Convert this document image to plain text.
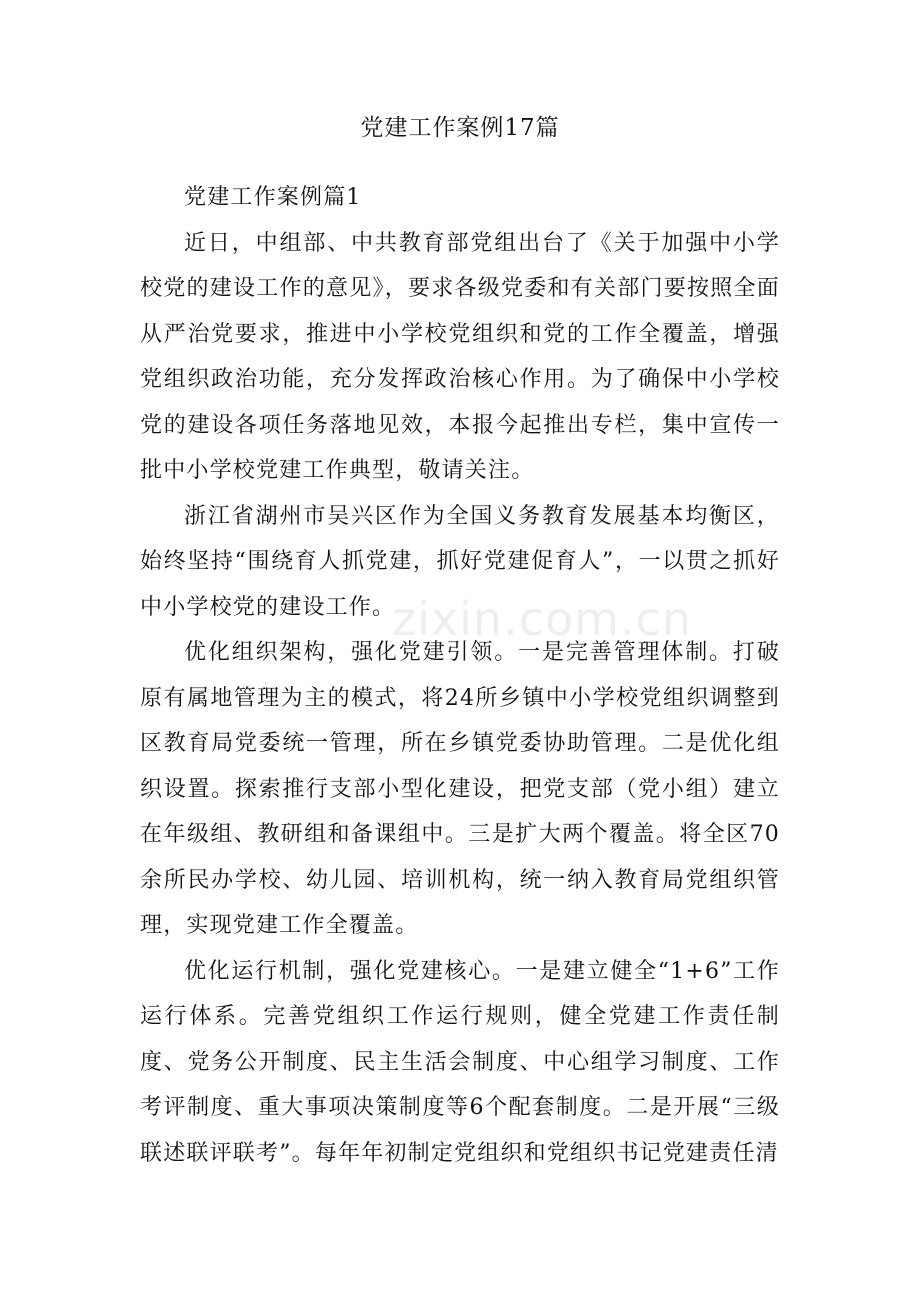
党建工作案例17篇

党建工作案例篇1

近日，中组部、中共教育部党组出台了《关于加强中小学校党的建设工作的意见》，要求各级党委和有关部门要按照全面从严治党要求，推进中小学校党组织和党的工作全覆盖，增强党组织政治功能，充分发挥政治核心作用。为了确保中小学校党的建设各项任务落地见效，本报今起推出专栏，集中宣传一批中小学校党建工作典型，敬请关注。

浙江省湖州市吴兴区作为全国义务教育发展基本均衡区，始终坚持“围绕育人抓党建，抓好党建促育人”，一以贯之抓好中小学校党的建设工作。

优化组织架构，强化党建引领。一是完善管理体制。打破原有属地管理为主的模式，将24所乡镇中小学校党组织调整到区教育局党委统一管理，所在乡镇党委协助管理。二是优化组织设置。探索推行支部小型化建设，把党支部（党小组）建立在年级组、教研组和备课组中。三是扩大两个覆盖。将全区70余所民办学校、幼儿园、培训机构，统一纳入教育局党组织管理，实现党建工作全覆盖。

优化运行机制，强化党建核心。一是建立健全“1+6”工作运行体系。完善党组织工作运行规则，健全党建工作责任制度、党务公开制度、民主生活会制度、中心组学习制度、工作考评制度、重大事项决策制度等6个配套制度。二是开展“三级联述联评联考”。每年年初制定党组织和党组织书记党建责任清

zixin.com.cn
